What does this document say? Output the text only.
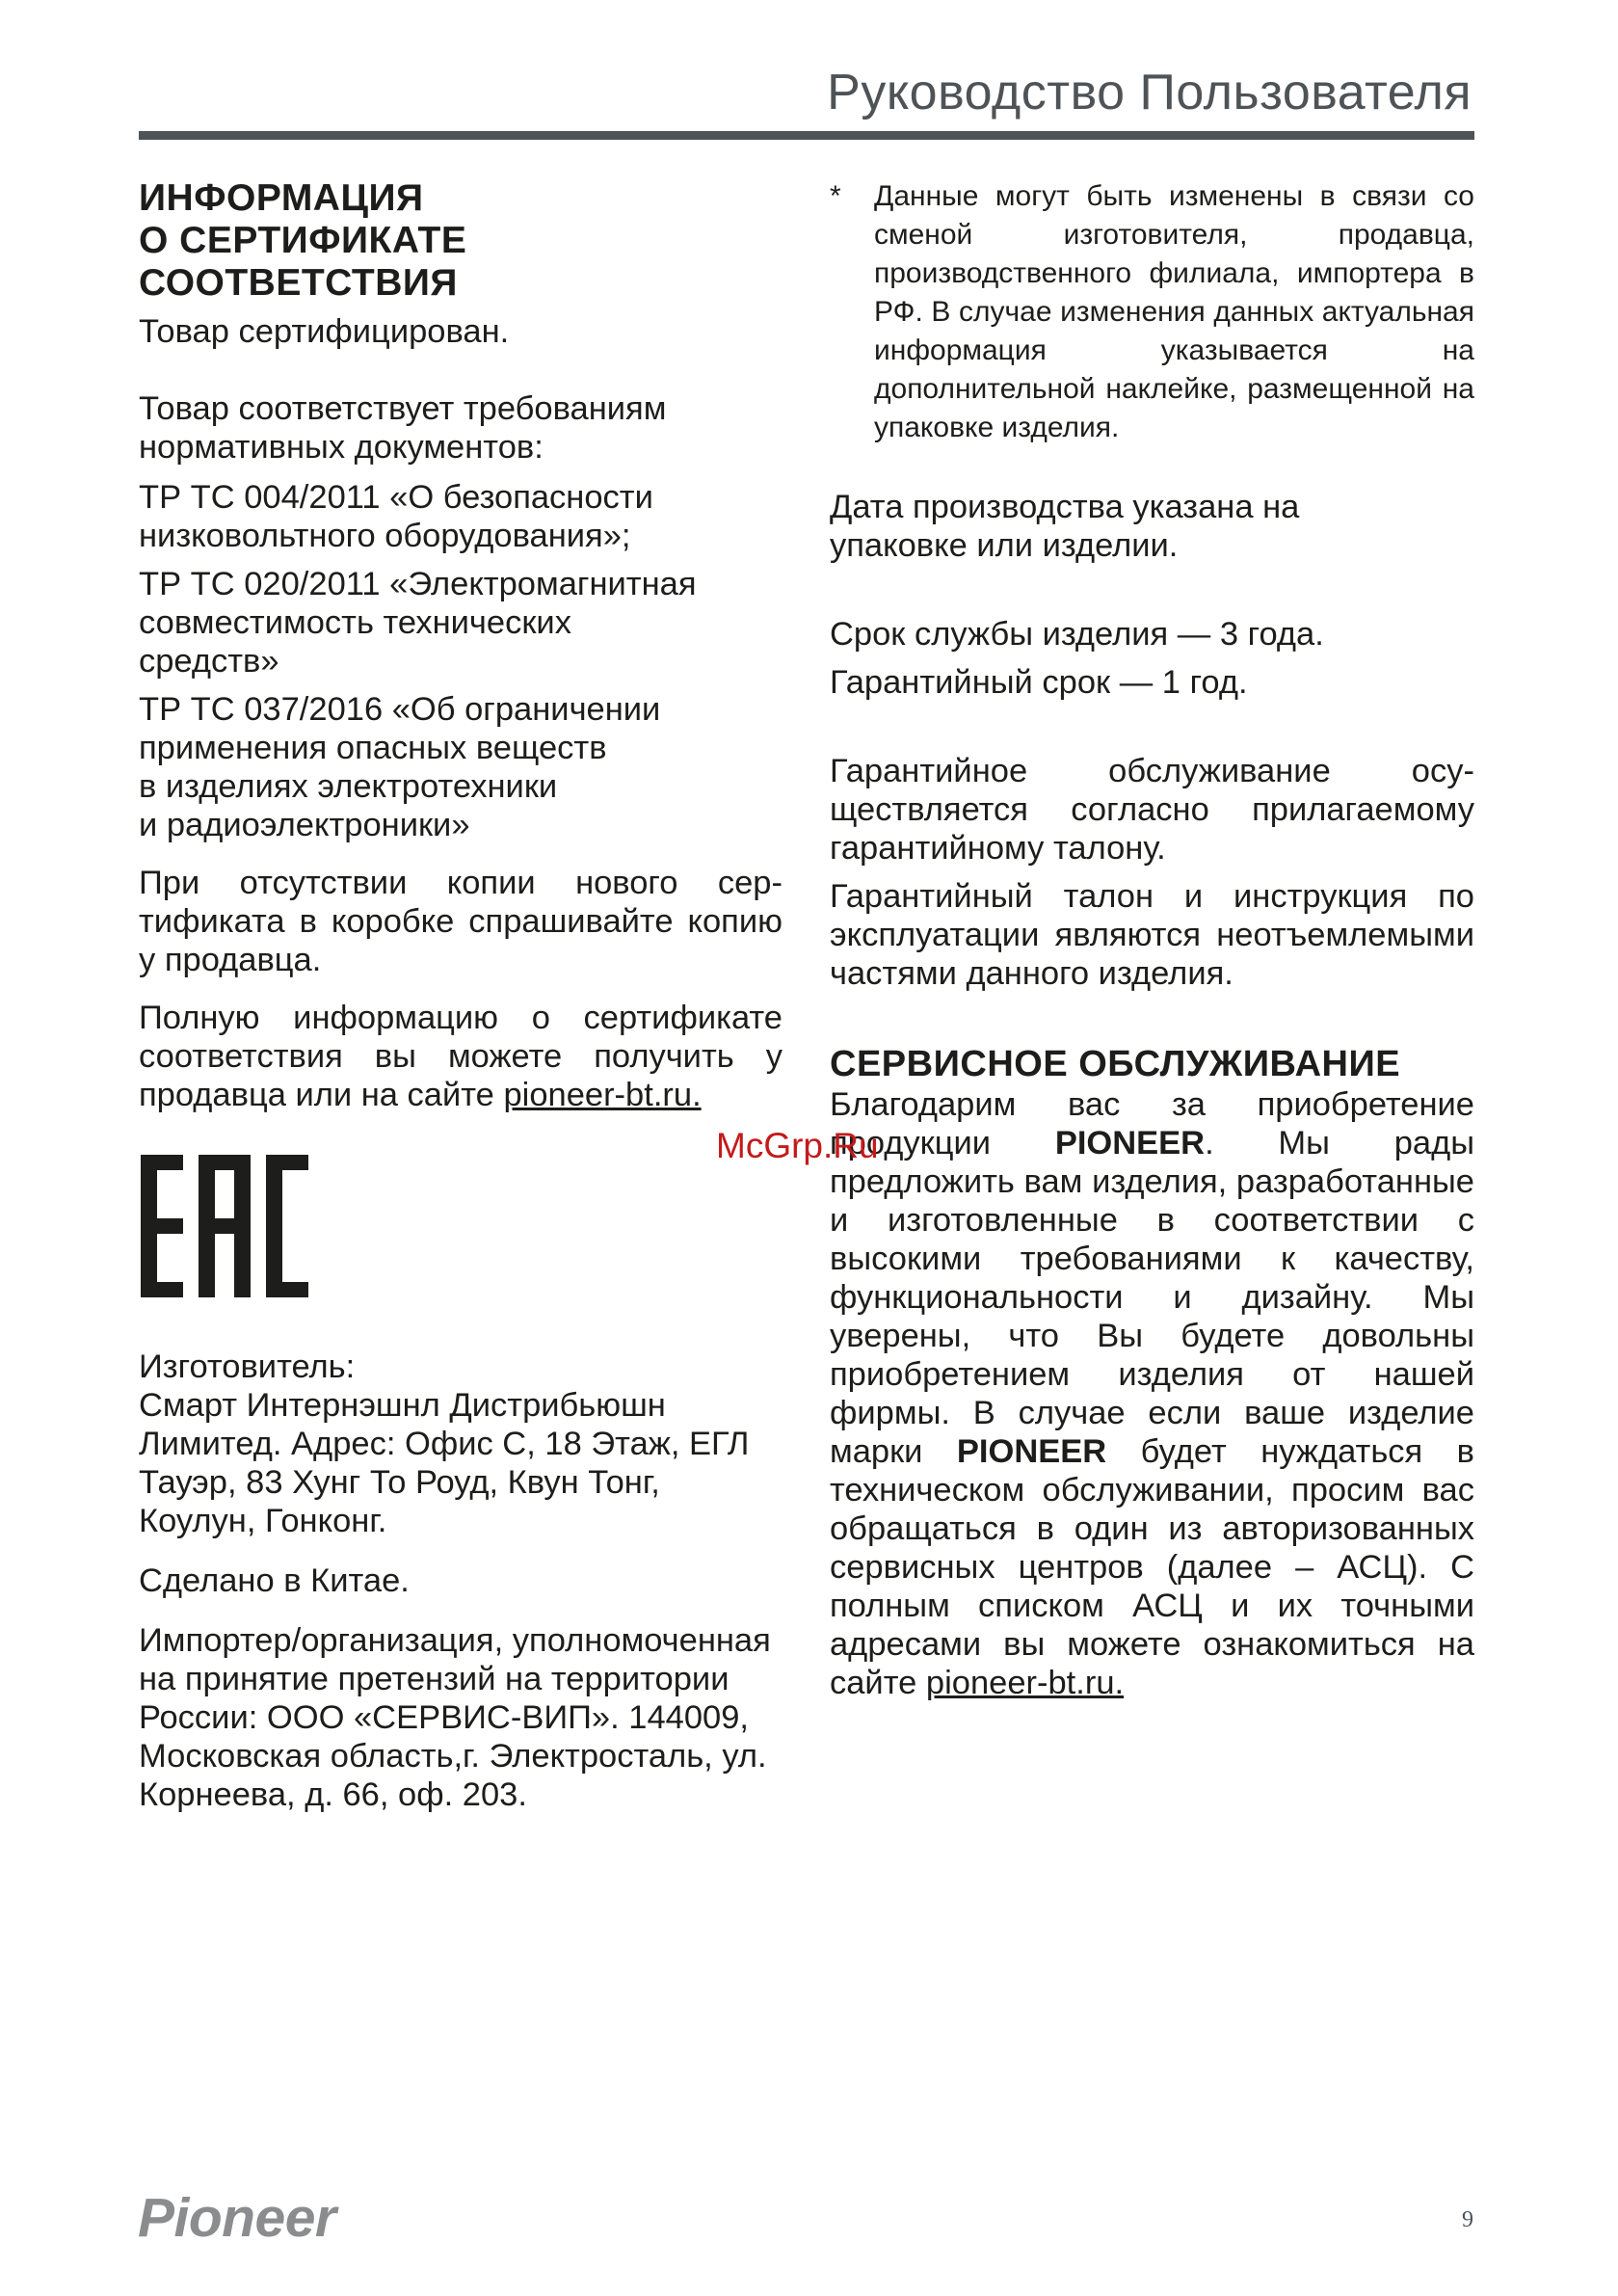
Руководство Пользователя
ИНФОРМАЦИЯ
О СЕРТИФИКАТЕ
СООТВЕТСТВИЯ
Товар сертифицирован.
Товар соответствует требованиям
нормативных документов:
ТР ТС 004/2011 «О безопасности
низковольтного оборудования»;
ТР ТС 020/2011 «Электромагнитная
совместимость технических
средств»
ТР ТС 037/2016 «Об ограничении
применения опасных веществ
в изделиях электротехники
и радиоэлектроники»
При отсутствии копии нового сертификата в коробке спрашивайте копию у продавца.
Полную информацию о сертификате соответствия вы можете получить у продавца или на сайте pioneer-bt.ru.
Изготовитель:
Смарт Интернэшнл Дистрибьюшн Лимитед. Адрес: Офис С, 18 Этаж, ЕГЛ Тауэр, 83 Хунг То Роуд, Квун Тонг, Коулун, Гонконг.
Сделано в Китае.
Импортер/организация, уполномоченная на принятие претензий на территории России: ООО «СЕРВИС-ВИП». 144009, Московская область,г. Электросталь, ул. Корнеева, д. 66, оф. 203.
*	Данные могут быть изменены в связи со сменой изготовителя, продавца, производственного филиала, импортера в РФ. В случае изменения данных актуальная информация указывается на дополнительной наклейке, размещенной на упаковке изделия.
Дата производства указана на упаковке или изделии.
Срок службы изделия — 3 года.
Гарантийный срок — 1 год.
Гарантийное обслуживание осуществляется согласно прилагаемому гарантийному талону.
Гарантийный талон и инструкция по эксплуатации являются неотъемлемыми частями данного изделия.
СЕРВИСНОЕ ОБСЛУЖИВАНИЕ
Благодарим вас за приобретение продукции PIONEER. Мы рады предложить вам изделия, разработанные и изготовленные в соответствии с высокими требованиями к качеству, функциональности и дизайну. Мы уверены, что Вы будете довольны приобретением изделия от нашей фирмы. В случае если ваше изделие марки PIONEER будет нуждаться в техническом обслуживании, просим вас обращаться в один из авторизованных сервисных центров (далее – АСЦ). С полным списком АСЦ и их точными адресами вы можете ознакомиться на сайте pioneer-bt.ru.
McGrp.Ru
Pioneer	9
